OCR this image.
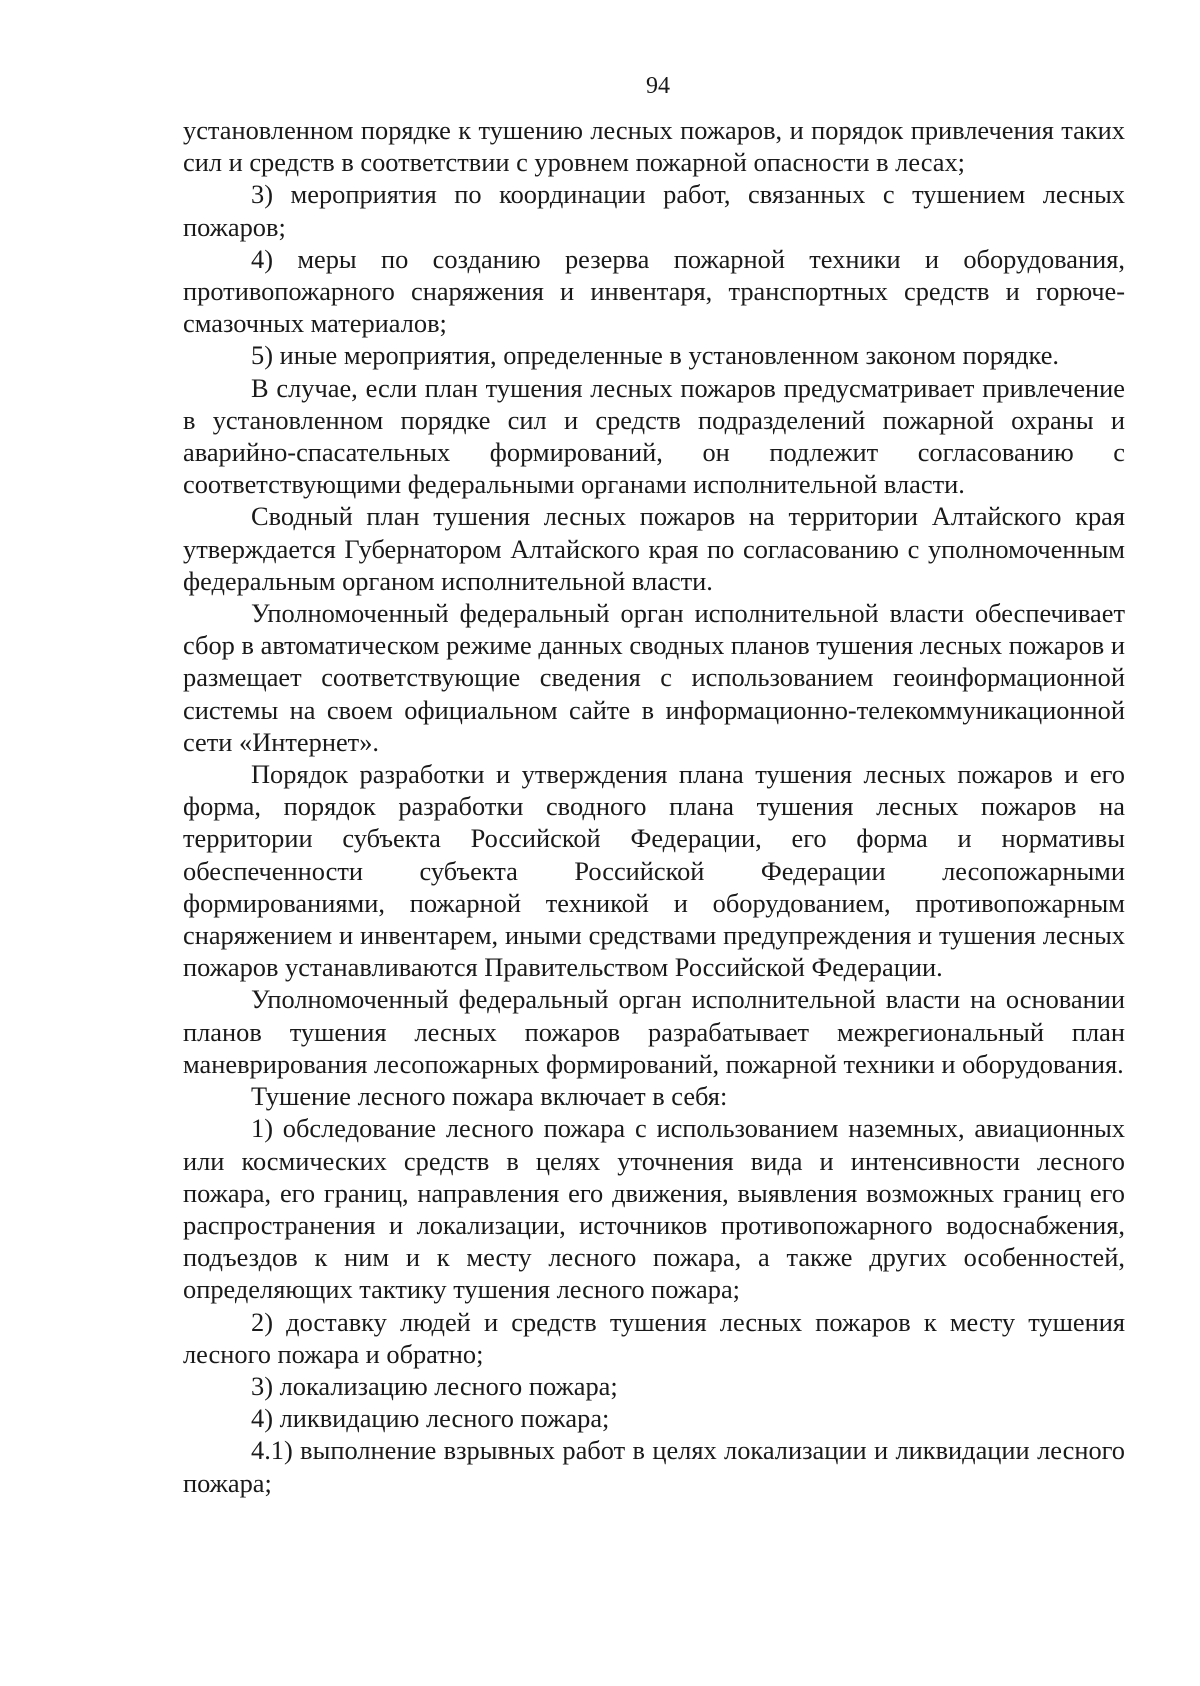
94

установленном порядке к тушению лесных пожаров, и порядок привлечения таких сил и средств в соответствии с уровнем пожарной опасности в лесах;

3) мероприятия по координации работ, связанных с тушением лесных пожаров;

4) меры по созданию резерва пожарной техники и оборудования, противопожарного снаряжения и инвентаря, транспортных средств и горюче-смазочных материалов;

5) иные мероприятия, определенные в установленном законом порядке.

В случае, если план тушения лесных пожаров предусматривает привлечение в установленном порядке сил и средств подразделений пожарной охраны и аварийно-спасательных формирований, он подлежит согласованию с соответствующими федеральными органами исполнительной власти.

Сводный план тушения лесных пожаров на территории Алтайского края утверждается Губернатором Алтайского края по согласованию с уполномоченным федеральным органом исполнительной власти.

Уполномоченный федеральный орган исполнительной власти обеспечивает сбор в автоматическом режиме данных сводных планов тушения лесных пожаров и размещает соответствующие сведения с использованием геоинформационной системы на своем официальном сайте в информационно-телекоммуникационной сети «Интернет».

Порядок разработки и утверждения плана тушения лесных пожаров и его форма, порядок разработки сводного плана тушения лесных пожаров на территории субъекта Российской Федерации, его форма и нормативы обеспеченности субъекта Российской Федерации лесопожарными формированиями, пожарной техникой и оборудованием, противопожарным снаряжением и инвентарем, иными средствами предупреждения и тушения лесных пожаров устанавливаются Правительством Российской Федерации.

Уполномоченный федеральный орган исполнительной власти на основании планов тушения лесных пожаров разрабатывает межрегиональный план маневрирования лесопожарных формирований, пожарной техники и оборудования.

Тушение лесного пожара включает в себя:

1) обследование лесного пожара с использованием наземных, авиационных или космических средств в целях уточнения вида и интенсивности лесного пожара, его границ, направления его движения, выявления возможных границ его распространения и локализации, источников противопожарного водоснабжения, подъездов к ним и к месту лесного пожара, а также других особенностей, определяющих тактику тушения лесного пожара;

2) доставку людей и средств тушения лесных пожаров к месту тушения лесного пожара и обратно;

3) локализацию лесного пожара;

4) ликвидацию лесного пожара;

4.1) выполнение взрывных работ в целях локализации и ликвидации лесного пожара;
